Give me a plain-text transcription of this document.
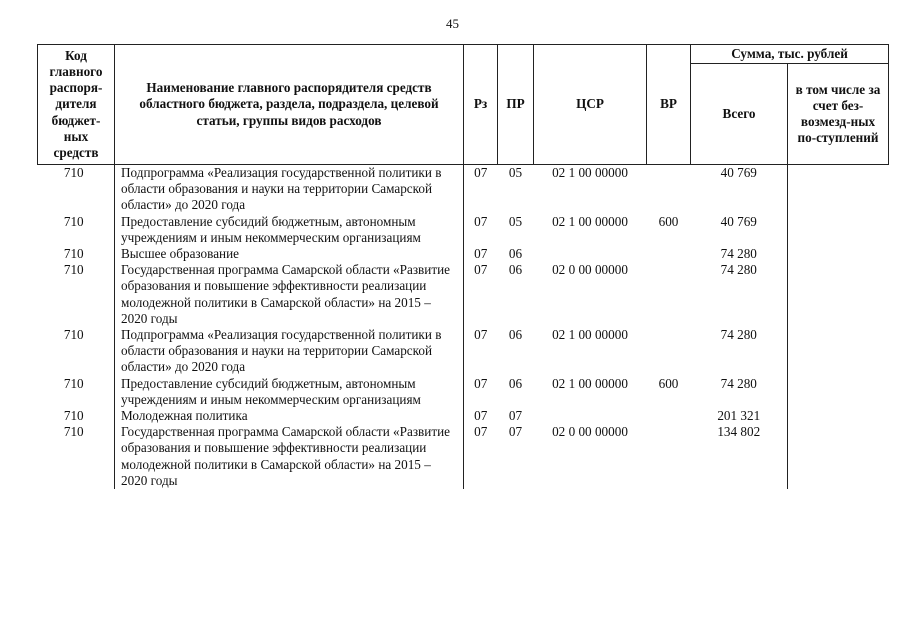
45
Код главного распоря-дителя бюджет-ных средств	Наименование главного распорядителя средств областного бюджета, раздела, подраздела, целевой статьи, группы видов расходов	Рз	ПР	ЦСР	ВР	Сумма, тыс. рублей	
						Всего	в том числе за счет без-возмезд-ных по-ступлений
710	Подпрограмма «Реализация государственной политики в области образования и науки на территории Самарской области» до 2020 года	07	05	02 1 00 00000		40 769	
710	Предоставление субсидий бюджетным, автономным учреждениям и иным некоммерческим организациям	07	05	02 1 00 00000	600	40 769	
710	Высшее образование	07	06			74 280	
710	Государственная программа Самарской области «Развитие образования и повышение эффективности реализации молодежной политики в Самарской области» на 2015 – 2020 годы	07	06	02 0 00 00000		74 280	
710	Подпрограмма «Реализация государственной политики в области образования и науки на территории Самарской области» до 2020 года	07	06	02 1 00 00000		74 280	
710	Предоставление субсидий бюджетным, автономным учреждениям и иным некоммерческим организациям	07	06	02 1 00 00000	600	74 280	
710	Молодежная политика	07	07			201 321	
710	Государственная программа Самарской области «Развитие образования и повышение эффективности реализации молодежной политики в Самарской области» на 2015 – 2020 годы	07	07	02 0 00 00000		134 802	
